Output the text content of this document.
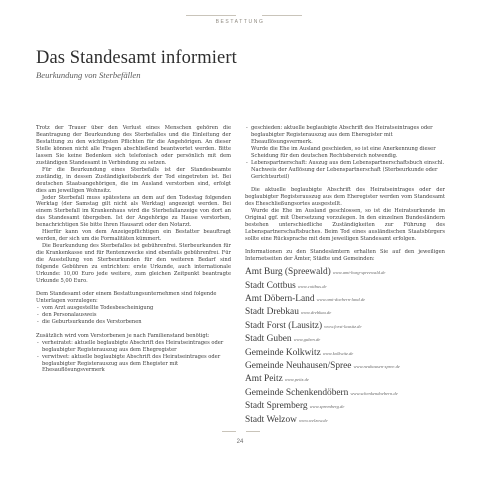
BESTATTUNG
Das Standesamt informiert
Beurkundung von Sterbefällen

Trotz der Trauer über den Verlust eines Menschen gehören die Beantragung der Beurkundung des Sterbefalles und die Einleitung der Bestattung zu den wichtigsten Pflichten für die Angehörigen. An dieser Stelle können nicht alle Fragen abschließend beantwortet werden. Bitte lassen Sie keine Bedenken sich telefonisch oder persönlich mit dem zuständigen Standesamt in Verbindung zu setzen.

Für die Beurkundung eines Sterbefalls ist der Standesbeamte zuständig, in dessen Zuständigkeitsbezirk der Tod eingetreten ist. Bei deutschen Staatsangehörigen, die im Ausland verstorben sind, erfolgt dies am jeweiligen Wohnsitz.

Jeder Sterbefall muss spätestens an dem auf den Todestag folgenden Werktag (der Samstag gilt nicht als Werktag) angezeigt werden. Bei einem Sterbefall im Krankenhaus wird die Sterbefallanzeige von dort an das Standesamt übergeben. Ist der Angehörige zu Hause verstorben, benachrichtigen Sie bitte Ihren Hausarzt oder den Notarzt.

Hierfür kann von dem Anzeigepflichtigen ein Bestatter beauftragt werden, der sich um die Formalitäten kümmert.

Die Beurkundung des Sterbefalles ist gebührenfrei. Sterbeurkunden für die Krankenkasse und für Rentenzwecke sind ebenfalls gebührenfrei. Für die Ausstellung von Sterbeurkunden für den weiteren Bedarf sind folgende Gebühren zu entrichten: erste Urkunde, auch internationale Urkunde: 10,00 Euro jede weitere, zum gleichen Zeitpunkt beantragte Urkunde 5,00 Euro.

Dem Standesamt oder einem Bestattungsunternehmen sind folgende Unterlagen vorzulegen:

- vom Arzt ausgestellte Todesbescheinigung
- den Personalausweis
- die Geburtsurkunde des Verstorbenen

Zusätzlich wird vom Verstorbenen je nach Familienstand benötigt:

- verheiratet: aktuelle beglaubigte Abschrift des Heiratseintrages oder beglaubigter Registerauszug aus dem Ehegregister
- verwitwet: aktuelle beglaubigte Abschrift des Heiratseintrages oder beglaubigter Registerauszug aus dem Ehegister mit Ehesauflösungsvermerk
- geschieden: aktuelle beglaubigte Abschrift des Heiratseintrages oder beglaubigter Registerauszug aus dem Eheregister mit Eheauflösungsvermerk.

Wurde die Ehe im Ausland geschieden, so ist eine Anerkennung dieser Scheidung für den deutschen Rechtsbereich notwendig.

- Lebenspartnerschaft: Auszug aus dem Lebenspartnerschaftsbuch einschl. Nachweis der Auflösung der Lebenspartnerschaft (Sterbeurkunde oder Gerichtsurteil)

Die aktuelle beglaubigte Abschrift des Heiratseintrages oder der beglaubigter Registerauszug aus dem Eheregister werden vom Standesamt des Eheschließungsortes ausgestellt.

Wurde die Ehe im Ausland geschlossen, so ist die Heiratsurkunde im Original ggf. mit Übersetzung vorzulegen. In den einzelnen Bundesländern bestehen unterschiedliche Zuständigkeiten zur Führung des Lebenspartnerschaftsbuches. Beim Tod eines ausländischen Staatsbürgers sollte eine Rücksprache mit dem jeweiligen Standesamt erfolgen.

Informationen zu den Standesämtern erhalten Sie auf den jeweiligen Internetseiten der Ämter, Städte und Gemeinden:

Amt Burg (Spreewald) www.amt-burg-spreewald.de
Stadt Cottbus www.cottbus.de
Amt Döbern-Land www.amt-doebern-land.de
Stadt Drebkau www.drebkau.de
Stadt Forst (Lausitz) www.forst-lausitz.de
Stadt Guben www.guben.de
Gemeinde Kolkwitz www.kolkwitz.de
Gemeinde Neuhausen/Spree www.neuhausen-spree.de
Amt Peitz www.peitz.de
Gemeinde Schenkendöbern www.schenkendoebern.de
Stadt Spremberg www.spremberg.de
Stadt Welzow www.welzow.de
24
